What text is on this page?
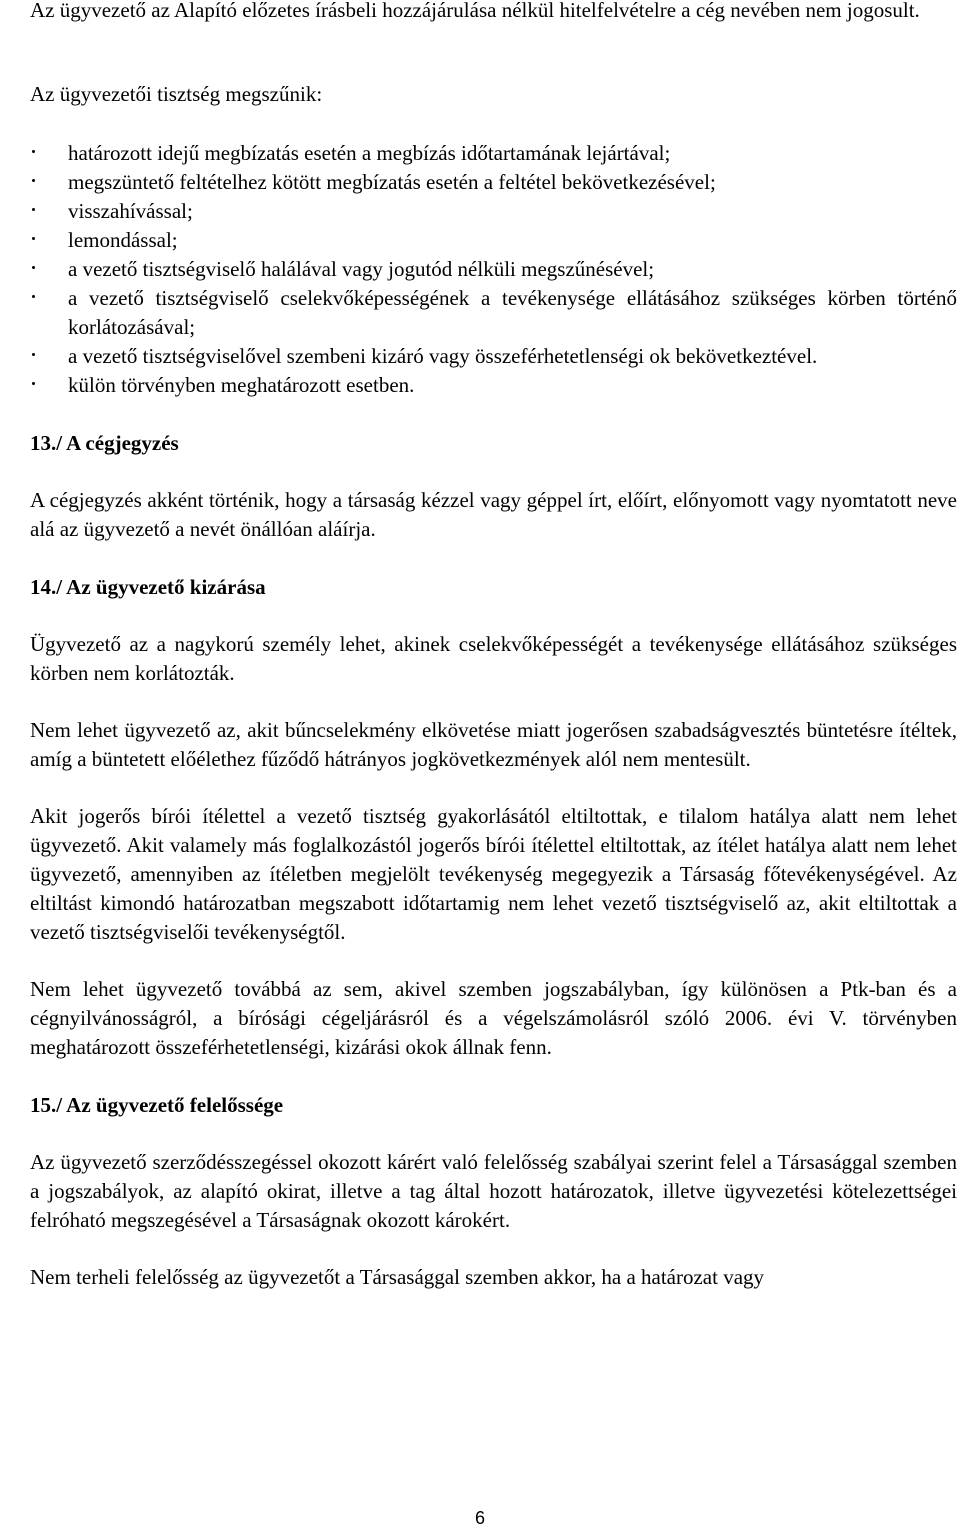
Az ügyvezető az Alapító előzetes írásbeli hozzájárulása nélkül hitelfelvételre a cég nevében nem jogosult.

Az ügyvezetői tisztség megszűnik:

határozott idejű megbízatás esetén a megbízás időtartamának lejártával;
megszüntető feltételhez kötött megbízatás esetén a feltétel bekövetkezésével;
visszahívással;
lemondással;
a vezető tisztségviselő halálával vagy jogutód nélküli megszűnésével;
a vezető tisztségviselő cselekvőképességének a tevékenysége ellátásához szükséges körben történő korlátozásával;
a vezető tisztségviselővel szembeni kizáró vagy összeférhetetlenségi ok bekövetkeztével.
külön törvényben meghatározott esetben.
13./ A cégjegyzés

A cégjegyzés akként történik, hogy a társaság kézzel vagy géppel írt, előírt, előnyomott vagy nyomtatott neve alá az ügyvezető a nevét önállóan aláírja.

14./ Az ügyvezető kizárása

Ügyvezető az a nagykorú személy lehet, akinek cselekvőképességét a tevékenysége ellátásához szükséges körben nem korlátozták.

Nem lehet ügyvezető az, akit bűncselekmény elkövetése miatt jogerősen szabadságvesztés büntetésre ítéltek, amíg a büntetett előélethez fűződő hátrányos jogkövetkezmények alól nem mentesült.

Akit jogerős bírói ítélettel a vezető tisztség gyakorlásától eltiltottak, e tilalom hatálya alatt nem lehet ügyvezető. Akit valamely más foglalkozástól jogerős bírói ítélettel eltiltottak, az ítélet hatálya alatt nem lehet ügyvezető, amennyiben az ítéletben megjelölt tevékenység megegyezik a Társaság főtevékenységével. Az eltiltást kimondó határozatban megszabott időtartamig nem lehet vezető tisztségviselő az, akit eltiltottak a vezető tisztségviselői tevékenységtől.

Nem lehet ügyvezető továbbá az sem, akivel szemben jogszabályban, így különösen a Ptk-ban és a cégnyilvánosságról, a bírósági cégeljárásról és a végelszámolásról szóló 2006. évi V. törvényben meghatározott összeférhetetlenségi, kizárási okok állnak fenn.

15./ Az ügyvezető felelőssége

Az ügyvezető szerződésszegéssel okozott kárért való felelősség szabályai szerint felel a Társasággal szemben a jogszabályok, az alapító okirat, illetve a tag által hozott határozatok, illetve ügyvezetési kötelezettségei felróható megszegésével a Társaságnak okozott károkért.

Nem terheli felelősség az ügyvezetőt a Társasággal szemben akkor, ha a határozat vagy

6
